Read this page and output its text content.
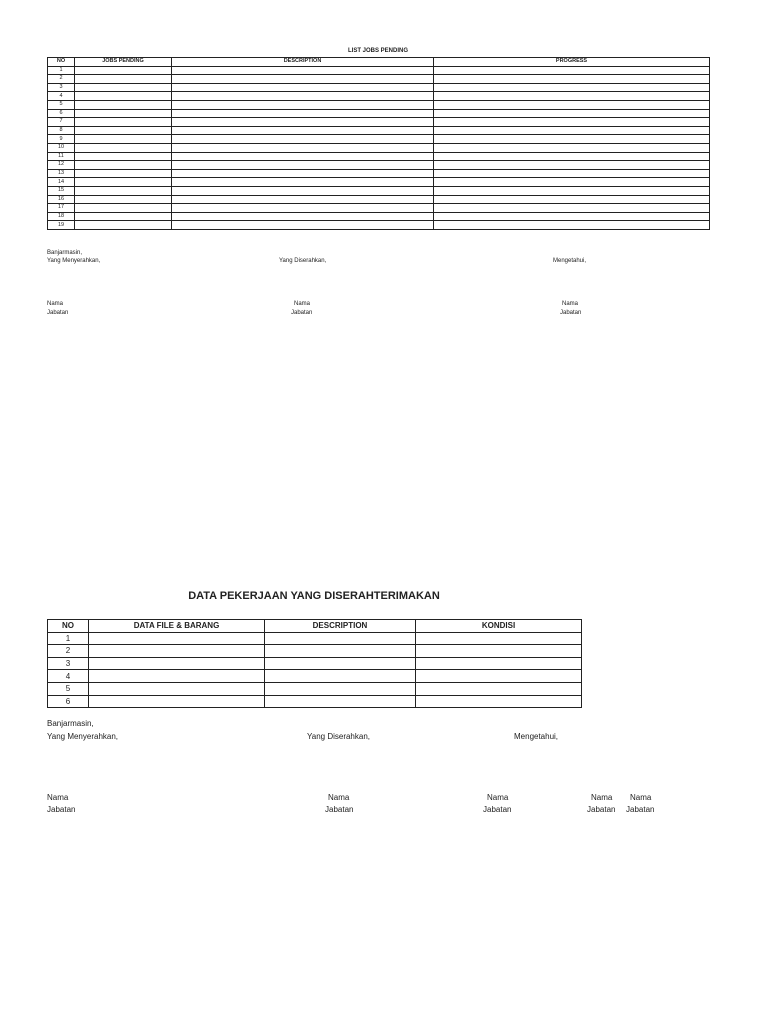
LIST JOBS PENDING
NO	JOBS PENDING	DESCRIPTION	PROGRESS
1			
2			
3			
4			
5			
6			
7			
8			
9			
10			
11			
12			
13			
14			
15			
16			
17			
18			
19			
Banjarmasin,
Yang Menyerahkan,	Yang Diserahkan,	Mengetahui,
Nama
Jabatan
Nama
Jabatan
Nama
Jabatan
DATA PEKERJAAN YANG DISERAHTERIMAKAN
NO	DATA FILE & BARANG	DESCRIPTION	KONDISI
1			
2			
3			
4			
5			
6			
Banjarmasin,
Yang Menyerahkan,	Yang Diserahkan,	Mengetahui,
Nama
Jabatan
Nama
Jabatan
Nama
Jabatan
Nama
Jabatan
Nama
Jabatan
